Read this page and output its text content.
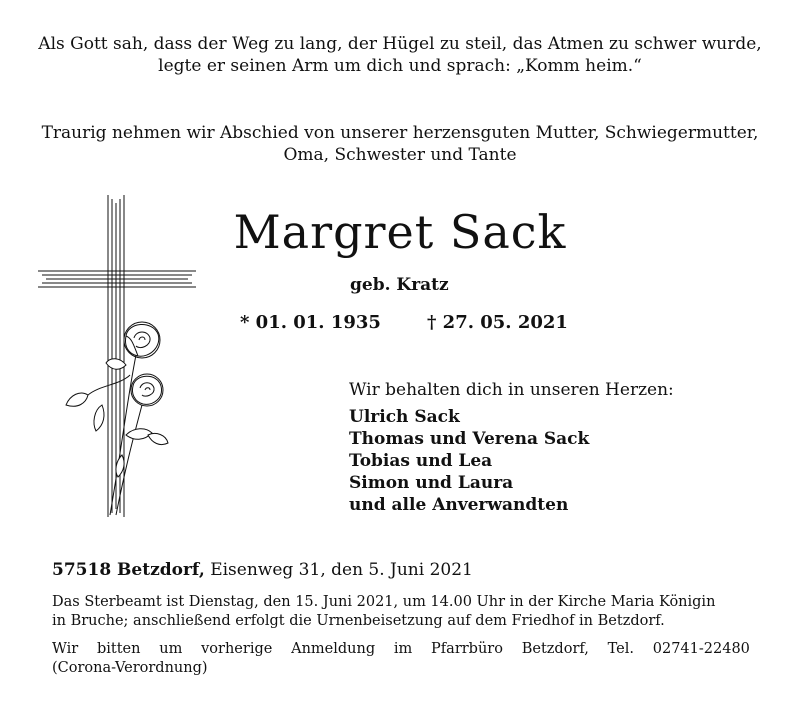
Als Gott sah, dass der Weg zu lang, der Hügel zu steil, das Atmen zu schwer wurde,
legte er seinen Arm um dich und sprach: „Komm heim.“
Traurig nehmen wir Abschied von unserer herzensguten Mutter, Schwiegermutter,
Oma, Schwester und Tante
Margret Sack
geb. Kratz
* 01. 01. 1935	† 27. 05. 2021
Wir behalten dich in unseren Herzen:
Ulrich Sack
Thomas und Verena Sack
Tobias und Lea
Simon und Laura
und alle Anverwandten
57518 Betzdorf, Eisenweg 31, den 5. Juni 2021
Das Sterbeamt ist Dienstag, den 15. Juni 2021, um 14.00 Uhr in der Kirche Maria Königin
in Bruche; anschließend erfolgt die Urnenbeisetzung auf dem Friedhof in Betzdorf.
Wir bitten um vorherige Anmeldung im Pfarrbüro Betzdorf, Tel. 02741-22480
(Corona-Verordnung)
